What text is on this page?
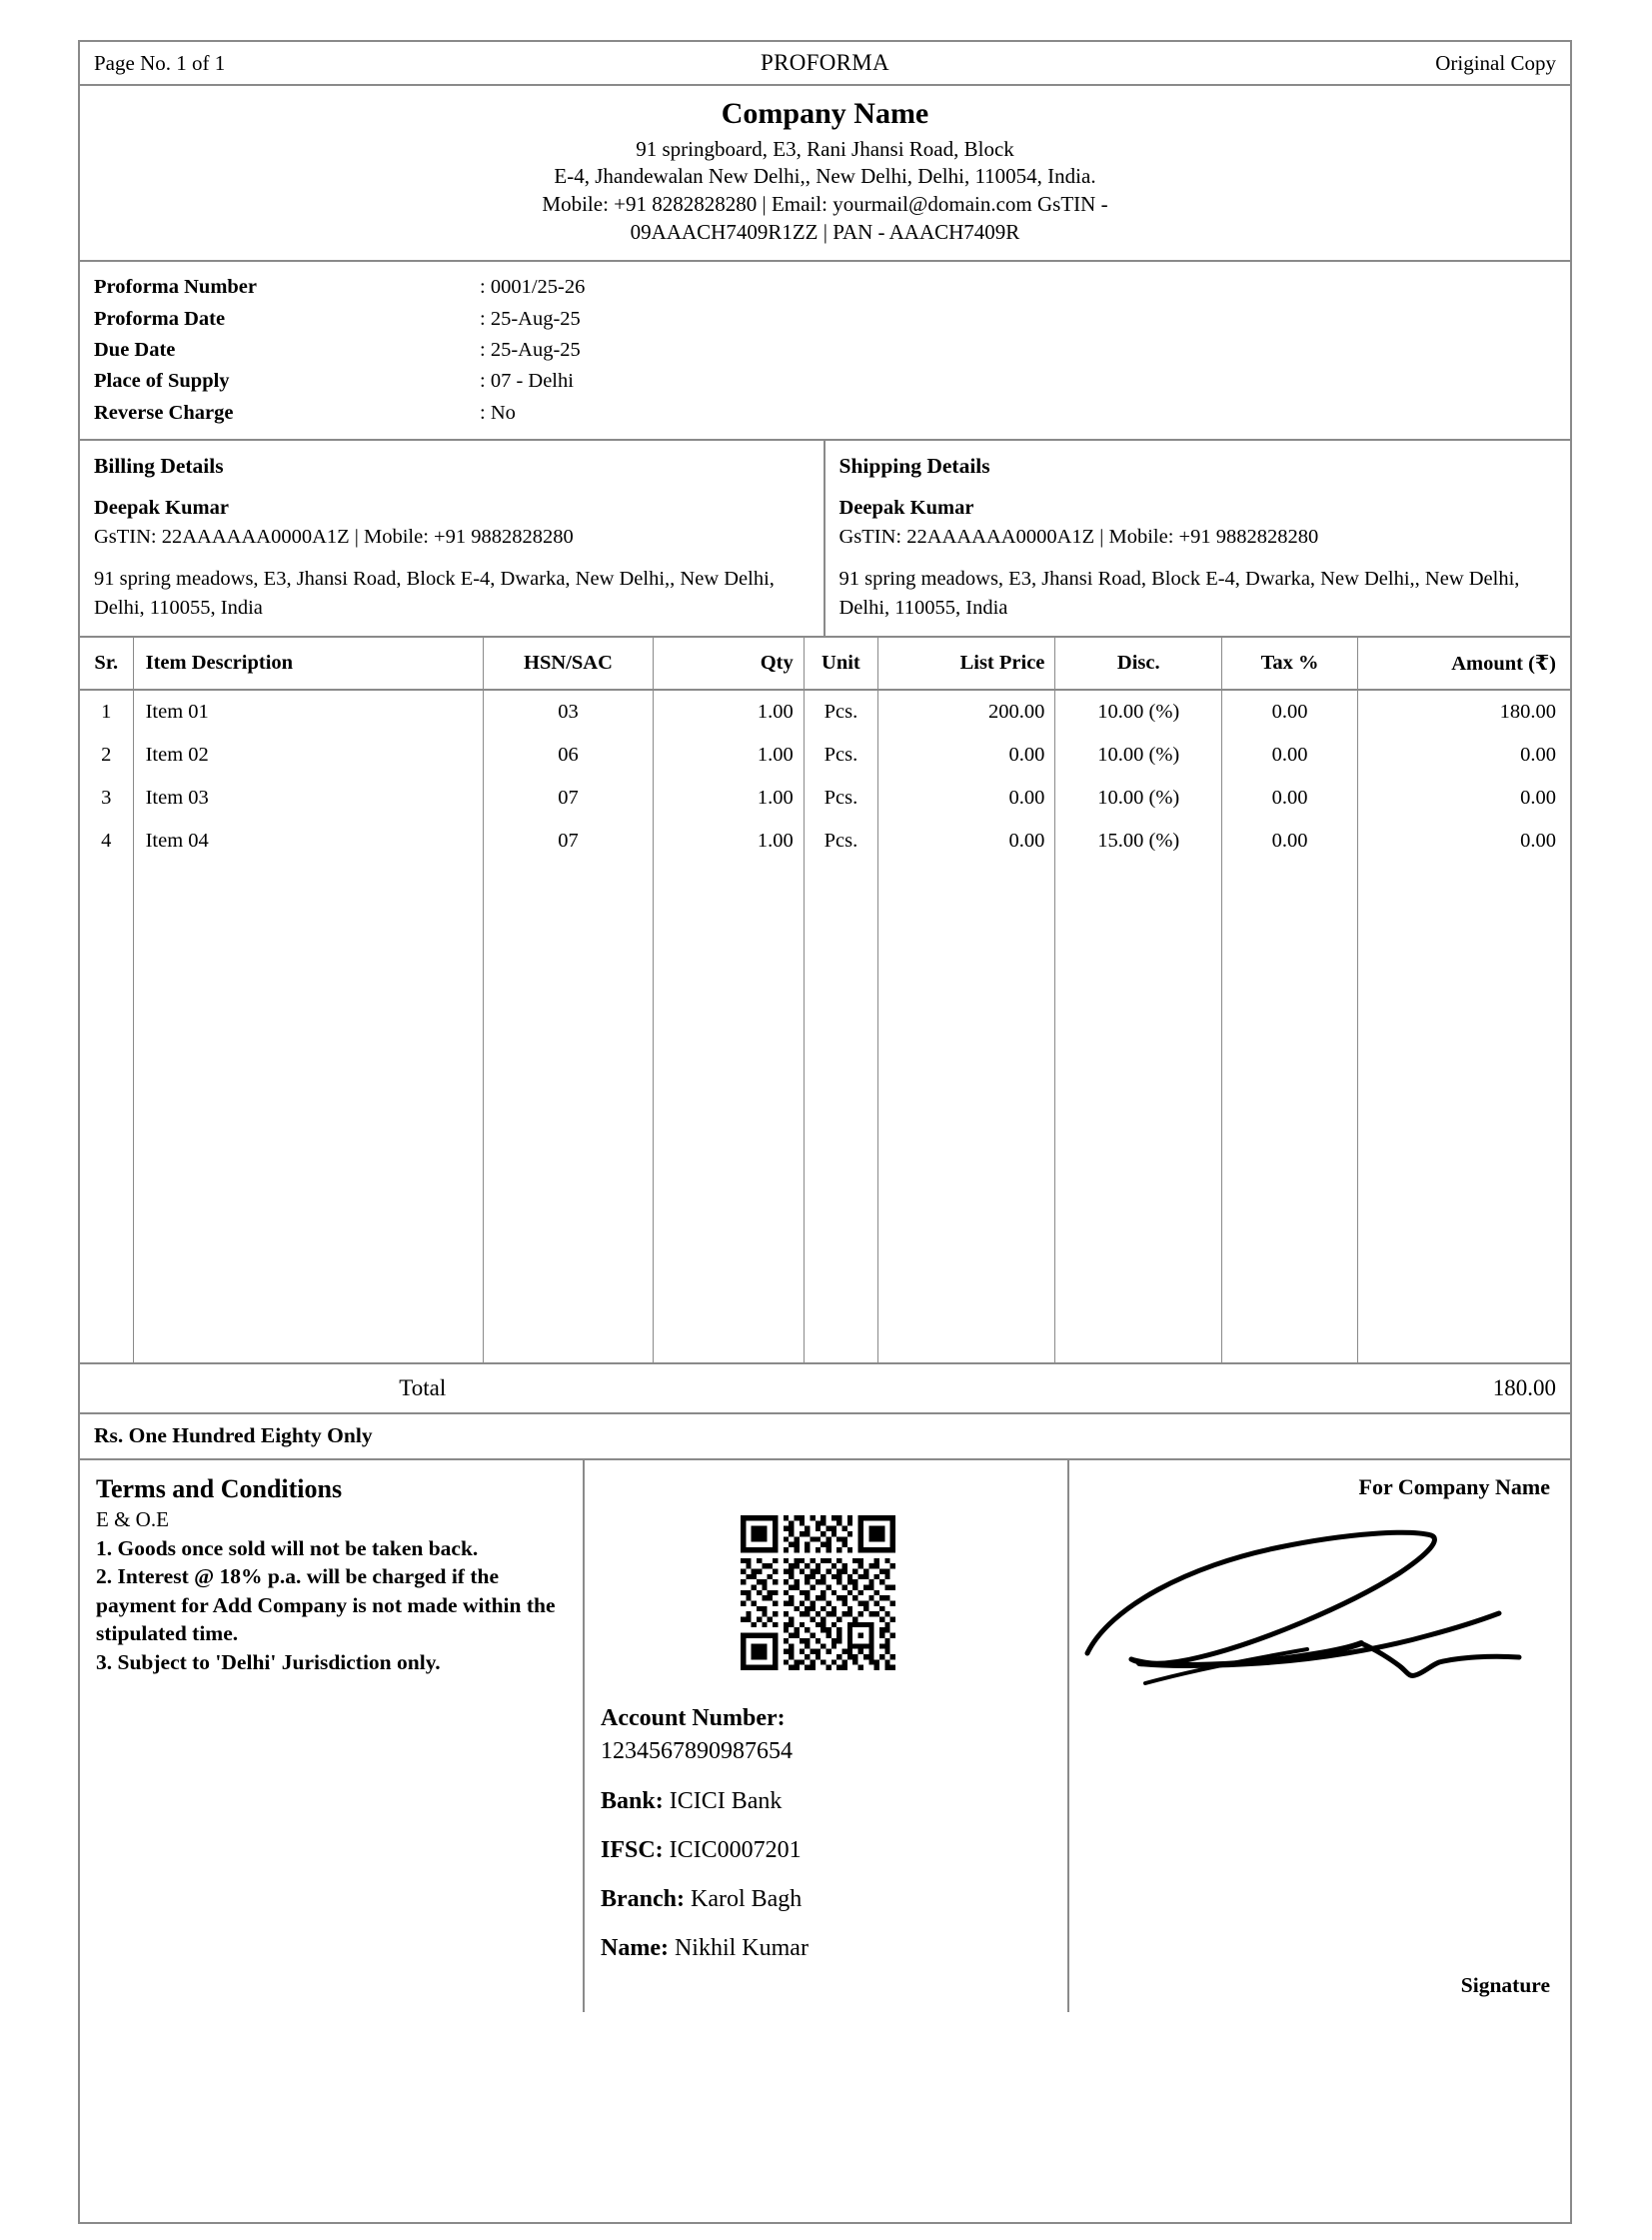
Page No. 1 of 1	PROFORMA	Original Copy
Company Name
91 springboard, E3, Rani Jhansi Road, Block
E-4, Jhandewalan New Delhi,, New Delhi, Delhi, 110054, India.
Mobile: +91 8282828280 | Email: yourmail@domain.com GsTIN -
09AAACH7409R1ZZ | PAN - AAACH7409R
Proforma Number	: 0001/25-26
Proforma Date	: 25-Aug-25
Due Date	: 25-Aug-25
Place of Supply	: 07 - Delhi
Reverse Charge	: No
Billing Details
Deepak Kumar
GsTIN: 22AAAAAA0000A1Z | Mobile: +91 9882828280
91 spring meadows, E3, Jhansi Road, Block E-4, Dwarka, New Delhi,, New Delhi, Delhi, 110055, India
Shipping Details
Deepak Kumar
GsTIN: 22AAAAAA0000A1Z | Mobile: +91 9882828280
91 spring meadows, E3, Jhansi Road, Block E-4, Dwarka, New Delhi,, New Delhi, Delhi, 110055, India
Sr.	Item Description	HSN/SAC	Qty	Unit	List Price	Disc.	Tax %	Amount (₹)
1	Item 01	03	1.00	Pcs.	200.00	10.00 (%)	0.00	180.00
2	Item 02	06	1.00	Pcs.	0.00	10.00 (%)	0.00	0.00
3	Item 03	07	1.00	Pcs.	0.00	10.00 (%)	0.00	0.00
4	Item 04	07	1.00	Pcs.	0.00	15.00 (%)	0.00	0.00

Total	180.00
Rs. One Hundred Eighty Only
Terms and Conditions
E & O.E
1. Goods once sold will not be taken back.
2. Interest @ 18% p.a. will be charged if the payment for Add Company is not made within the stipulated time.
3. Subject to 'Delhi' Jurisdiction only.
Account Number:
1234567890987654
Bank: ICICI Bank
IFSC: ICIC0007201
Branch: Karol Bagh
Name: Nikhil Kumar
For Company Name
Signature
